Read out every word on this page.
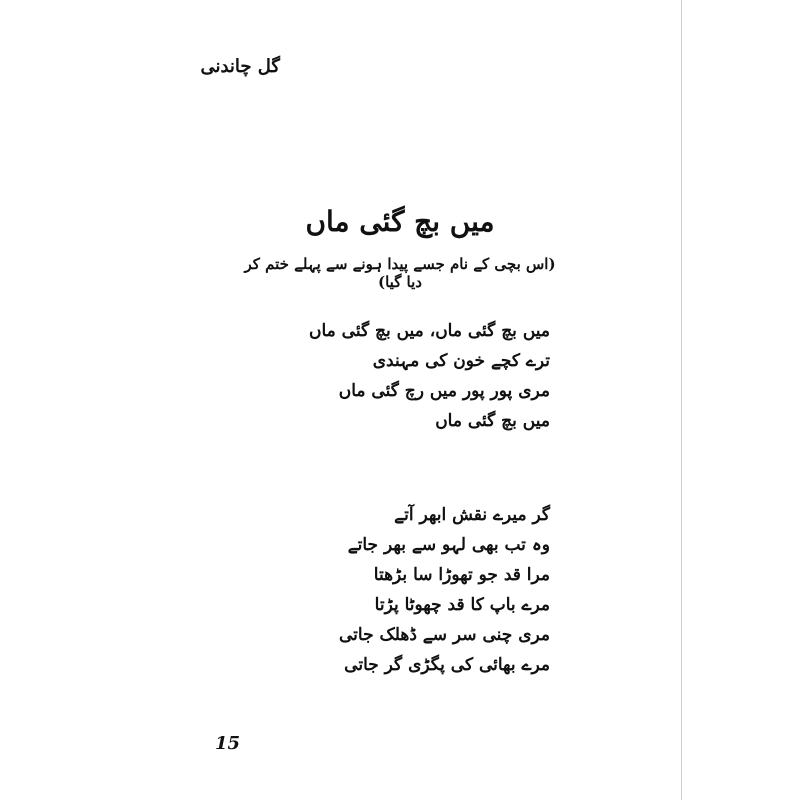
گل چاندنی
میں بچ گئی ماں
(اس بچی کے نام جسے پیدا ہونے سے پہلے ختم کر دیا گیا)
میں بچ گئی ماں، میں بچ گئی ماں
ترے کچے خون کی مہندی
مری پور پور میں رچ گئی ماں
میں بچ گئی ماں
گر میرے نقش ابھر آتے
وہ تب بھی لہو سے بھر جاتے
مرا قد جو تھوڑا سا بڑھتا
مرے باپ کا قد چھوٹا پڑتا
مری چنی سر سے ڈھلک جاتی
مرے بھائی کی پگڑی گر جاتی
15
